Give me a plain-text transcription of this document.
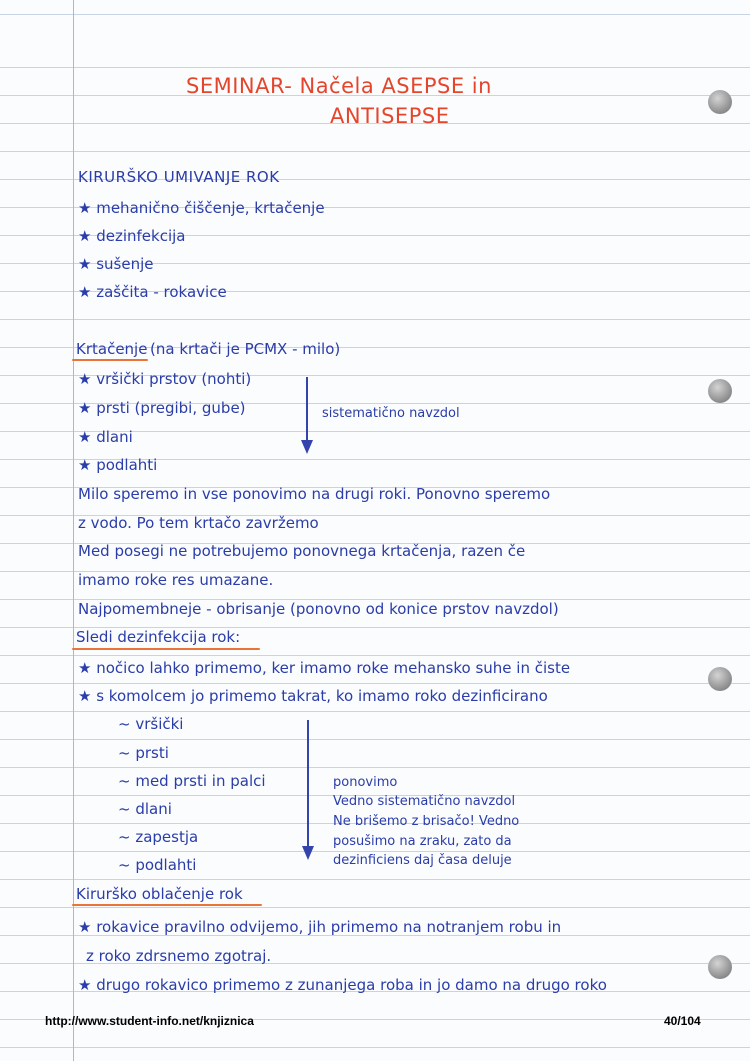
SEMINAR- Načela ASEPSE in
ANTISEPSE
KIRURŠKO UMIVANJE ROK
★ mehanično čiščenje, krtačenje
★ dezinfekcija
★ sušenje
★ zaščita - rokavice
Krtačenje (na krtači je PCMX - milo)
★ vršički prstov (nohti)
★ prsti (pregibi, gube)
★ dlani
★ podlahti
sistematično navzdol
Milo speremo in vse ponovimo na drugi roki. Ponovno speremo
z vodo. Po tem krtačo zavržemo
Med posegi ne potrebujemo ponovnega krtačenja, razen če
imamo roke res umazane.
Najpomembneje - obrisanje (ponovno od konice prstov navzdol)
Sledi dezinfekcija rok:
★ nočico lahko primemo, ker imamo roke mehansko suhe in čiste
★ s komolcem jo primemo takrat, ko imamo roko dezinficirano
~ vršički
~ prsti
~ med prsti in palci
~ dlani
~ zapestja
~ podlahti
ponovimo
Vedno sistematično navzdol
Ne brišemo z brisačo! Vedno
posušimo na zraku, zato da
dezinficiens daj časa deluje
Kirurško oblačenje rok
★ rokavice pravilno odvijemo, jih primemo na notranjem robu in
z roko zdrsnemo zgotraj.
★ drugo rokavico primemo z zunanjega roba in jo damo na drugo roko
http://www.student-info.net/knjiznica	40/104
